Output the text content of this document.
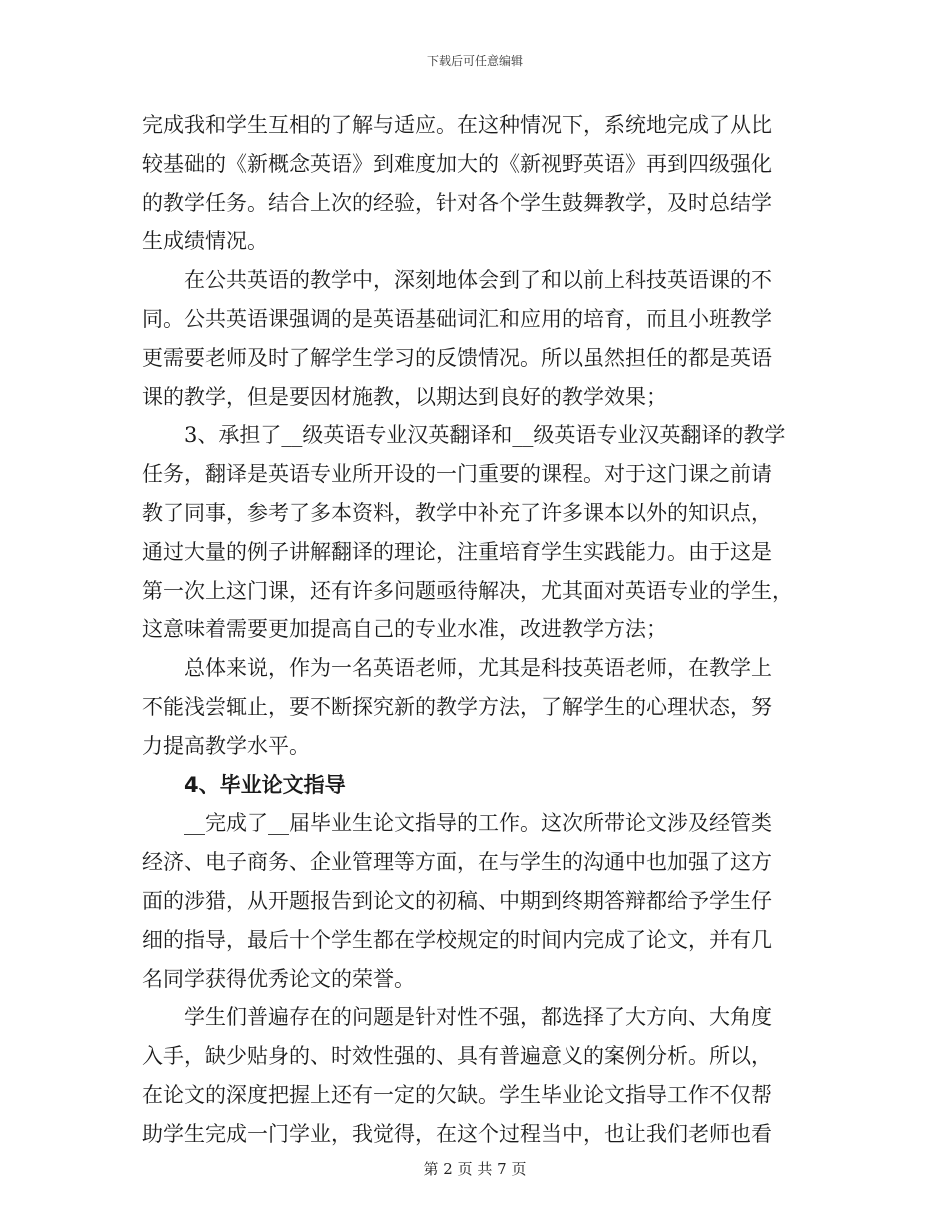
下载后可任意编辑

完成我和学生互相的了解与适应。在这种情况下，系统地完成了从比
较基础的《新概念英语》到难度加大的《新视野英语》再到四级强化
的教学任务。结合上次的经验，针对各个学生鼓舞教学，及时总结学
生成绩情况。

在公共英语的教学中，深刻地体会到了和以前上科技英语课的不
同。公共英语课强调的是英语基础词汇和应用的培育，而且小班教学
更需要老师及时了解学生学习的反馈情况。所以虽然担任的都是英语
课的教学，但是要因材施教，以期达到良好的教学效果；

3、承担了__级英语专业汉英翻译和__级英语专业汉英翻译的教学
任务，翻译是英语专业所开设的一门重要的课程。对于这门课之前请
教了同事，参考了多本资料，教学中补充了许多课本以外的知识点，
通过大量的例子讲解翻译的理论，注重培育学生实践能力。由于这是
第一次上这门课，还有许多问题亟待解决，尤其面对英语专业的学生，
这意味着需要更加提高自己的专业水准，改进教学方法；

总体来说，作为一名英语老师，尤其是科技英语老师，在教学上
不能浅尝辄止，要不断探究新的教学方法，了解学生的心理状态，努
力提高教学水平。

4、毕业论文指导

__完成了__届毕业生论文指导的工作。这次所带论文涉及经管类
经济、电子商务、企业管理等方面，在与学生的沟通中也加强了这方
面的涉猎，从开题报告到论文的初稿、中期到终期答辩都给予学生仔
细的指导，最后十个学生都在学校规定的时间内完成了论文，并有几
名同学获得优秀论文的荣誉。

学生们普遍存在的问题是针对性不强，都选择了大方向、大角度
入手，缺少贴身的、时效性强的、具有普遍意义的案例分析。所以，
在论文的深度把握上还有一定的欠缺。学生毕业论文指导工作不仅帮
助学生完成一门学业，我觉得，在这个过程当中，也让我们老师也看

第 2 页 共 7 页
